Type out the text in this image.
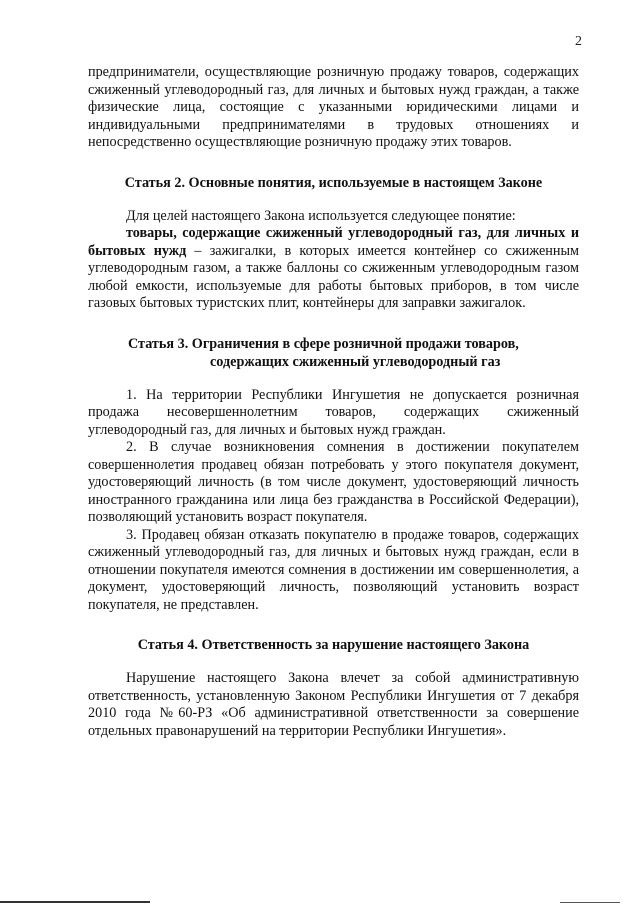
2

предприниматели, осуществляющие розничную продажу товаров, содержащих сжиженный углеводородный газ, для личных и бытовых нужд граждан, а также физические лица, состоящие с указанными юридическими лицами и индивидуальными предпринимателями в трудовых отношениях и непосредственно осуществляющие розничную продажу этих товаров.

Статья 2. Основные понятия, используемые в настоящем Законе

Для целей настоящего Закона используется следующее понятие:

товары, содержащие сжиженный углеводородный газ, для личных и бытовых нужд – зажигалки, в которых имеется контейнер со сжиженным углеводородным газом, а также баллоны со сжиженным углеводородным газом любой емкости, используемые для работы бытовых приборов, в том числе газовых бытовых туристских плит, контейнеры для заправки зажигалок.

Статья 3. Ограничения в сфере розничной продажи товаров,
содержащих сжиженный углеводородный газ

1. На территории Республики Ингушетия не допускается розничная продажа несовершеннолетним товаров, содержащих сжиженный углеводородный газ, для личных и бытовых нужд граждан.

2. В случае возникновения сомнения в достижении покупателем совершеннолетия продавец обязан потребовать у этого покупателя документ, удостоверяющий личность (в том числе документ, удостоверяющий личность иностранного гражданина или лица без гражданства в Российской Федерации), позволяющий установить возраст покупателя.

3. Продавец обязан отказать покупателю в продаже товаров, содержащих сжиженный углеводородный газ, для личных и бытовых нужд граждан, если в отношении покупателя имеются сомнения в достижении им совершеннолетия, а документ, удостоверяющий личность, позволяющий установить возраст покупателя, не представлен.

Статья 4. Ответственность за нарушение настоящего Закона

Нарушение настоящего Закона влечет за собой административную ответственность, установленную Законом Республики Ингушетия от 7 декабря 2010 года №60-РЗ «Об административной ответственности за совершение отдельных правонарушений на территории Республики Ингушетия».
